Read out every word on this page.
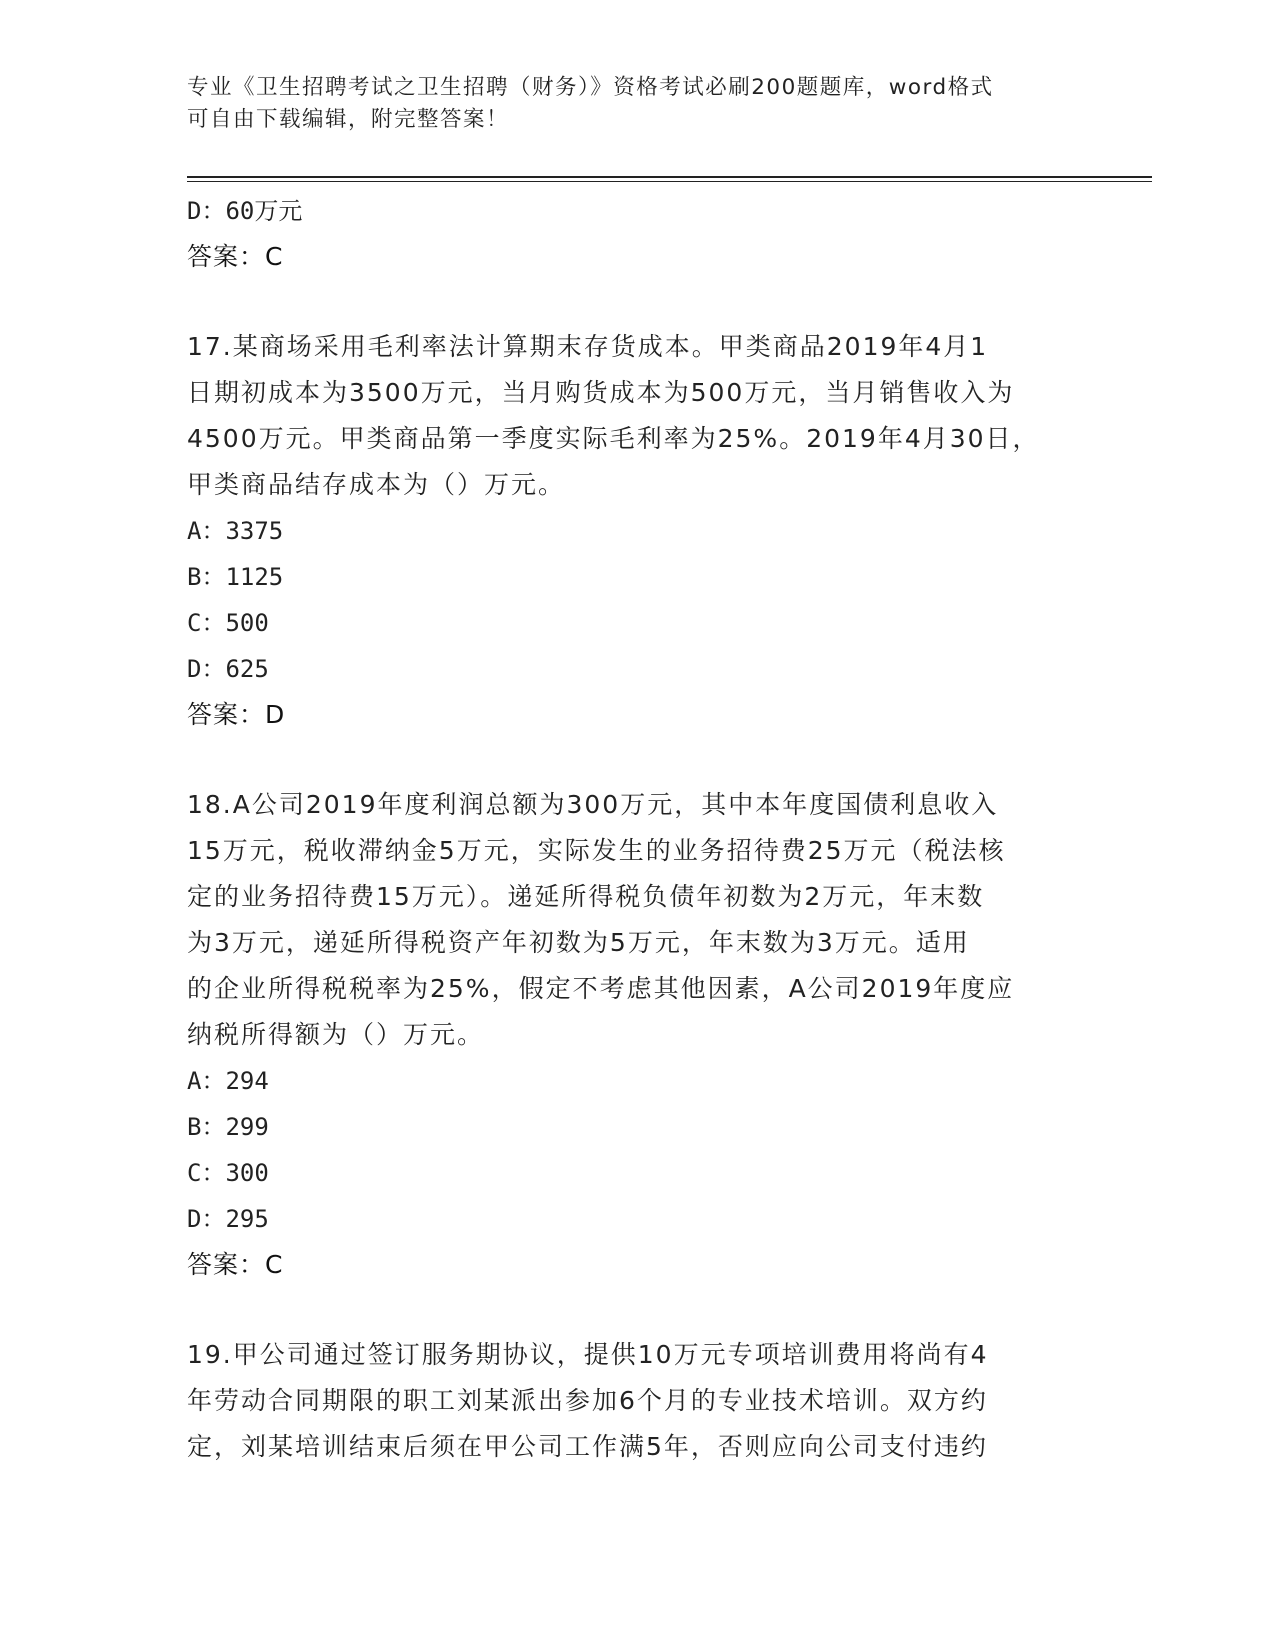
专业《卫生招聘考试之卫生招聘（财务）》资格考试必刷200题题库，word格式

可自由下载编辑，附完整答案！

D：60万元
答案：C
17.某商场采用毛利率法计算期末存货成本。甲类商品2019年4月1
日期初成本为3500万元，当月购货成本为500万元，当月销售收入为
4500万元。甲类商品第一季度实际毛利率为25%。2019年4月30日，
甲类商品结存成本为（）万元。
A：3375
B：1125
C：500
D：625
答案：D
18.A公司2019年度利润总额为300万元，其中本年度国债利息收入
15万元，税收滞纳金5万元，实际发生的业务招待费25万元（税法核
定的业务招待费15万元）。递延所得税负债年初数为2万元，年末数
为3万元，递延所得税资产年初数为5万元，年末数为3万元。适用
的企业所得税税率为25%，假定不考虑其他因素，A公司2019年度应
纳税所得额为（）万元。
A：294
B：299
C：300
D：295
答案：C
19.甲公司通过签订服务期协议，提供10万元专项培训费用将尚有4
年劳动合同期限的职工刘某派出参加6个月的专业技术培训。双方约
定，刘某培训结束后须在甲公司工作满5年，否则应向公司支付违约
